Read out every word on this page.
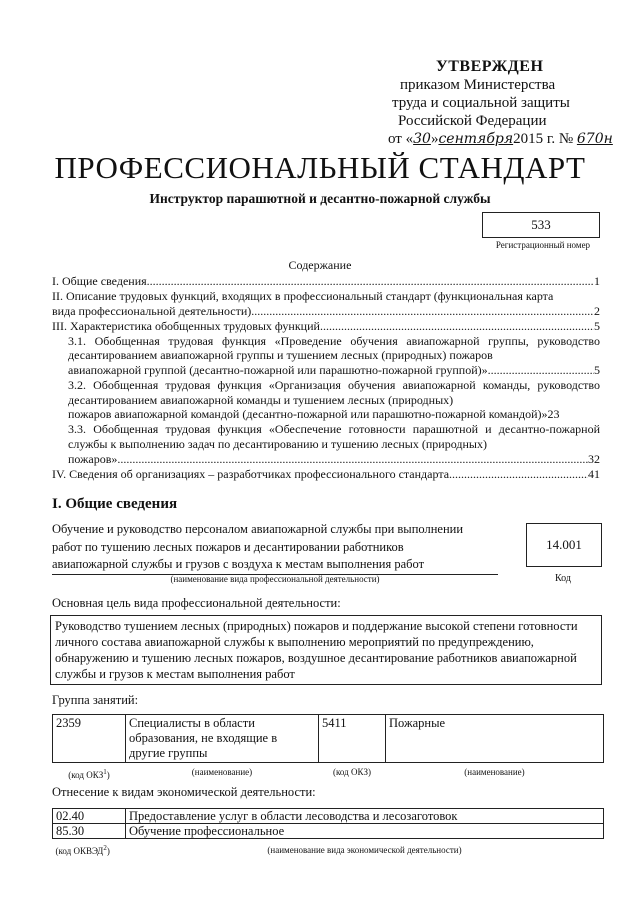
УТВЕРЖДЕН
приказом Министерства
труда и социальной защиты
Российской Федерации
от «30»сентября2015 г. № 670н
ПРОФЕССИОНАЛЬНЫЙ СТАНДАРТ
Инструктор парашютной и десантно-пожарной службы
533
Регистрационный номер
Содержание
I. Общие сведения .....	1
II. Описание трудовых функций, входящих в профессиональный стандарт (функциональная карта
вида профессиональной деятельности) .....	2
III. Характеристика обобщенных трудовых функций .....	5
3.1. Обобщенная трудовая функция «Проведение обучения авиапожарной группы, руководство десантированием авиапожарной группы и тушением лесных (природных) пожаров
авиапожарной группой (десантно-пожарной или парашютно-пожарной группой)» .....	5
3.2. Обобщенная трудовая функция «Организация обучения авиапожарной команды, руководство десантированием авиапожарной команды и тушением лесных (природных)
пожаров авиапожарной командой (десантно-пожарной или парашютно-пожарной командой)» 23
3.3. Обобщенная трудовая функция «Обеспечение готовности парашютной и десантно-пожарной службы к выполнению задач по десантированию и тушению лесных (природных)
пожаров» .....	32
IV. Сведения об организациях – разработчиках профессионального стандарта .....	41
I. Общие сведения
Обучение и руководство персоналом авиапожарной службы при выполнении
работ по тушению лесных пожаров и десантировании работников
авиапожарной службы и грузов с воздуха к местам выполнения работ
14.001
(наименование вида профессиональной деятельности)	Код
Основная цель вида профессиональной деятельности:
Руководство тушением лесных (природных) пожаров и поддержание высокой степени готовности
личного состава авиапожарной службы к выполнению мероприятий по предупреждению,
обнаружению и тушению лесных пожаров, воздушное десантирование работников авиапожарной
службы и грузов к местам выполнения работ
Группа занятий:
2359	Специалисты в области образования, не входящие в другие группы	5411	Пожарные
(код ОКЗ$^1$)	(наименование)	(код ОКЗ)	(наименование)
Отнесение к видам экономической деятельности:
02.40	Предоставление услуг в области лесоводства и лесозаготовок
85.30	Обучение профессиональное
(код ОКВЭД$^2$)	(наименование вида экономической деятельности)
